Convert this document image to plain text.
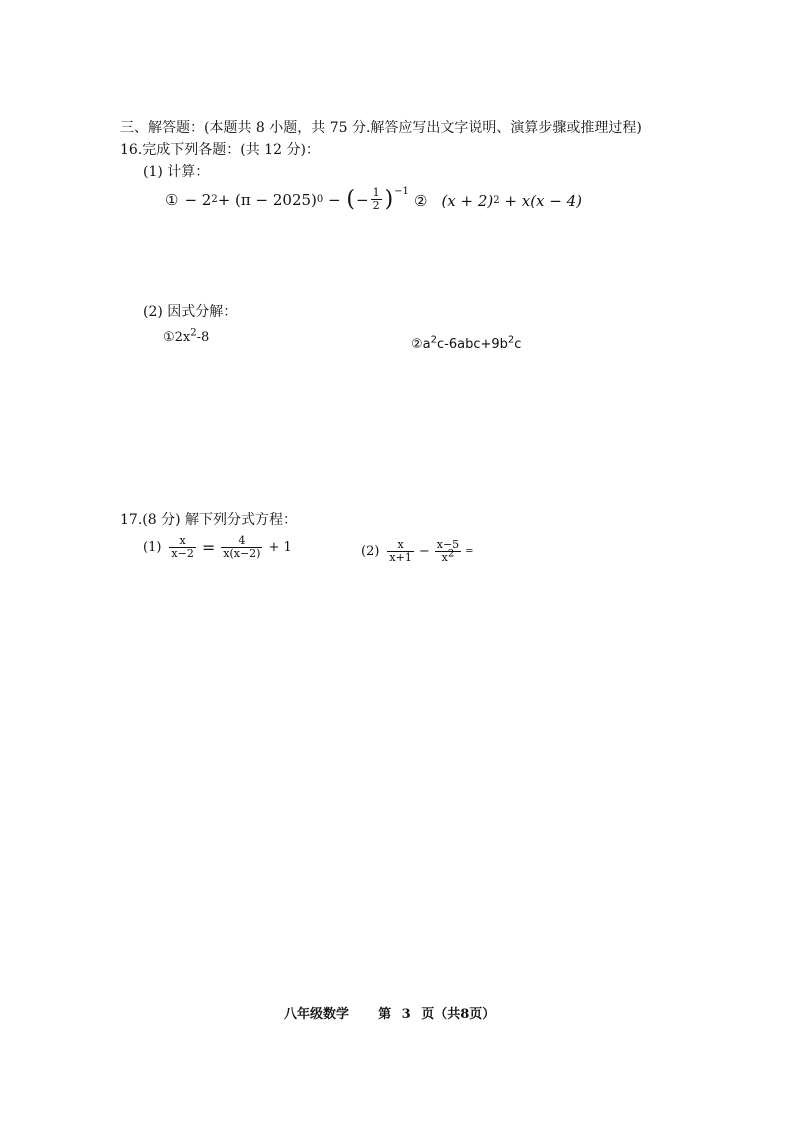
三、解答题：(本题共 8 小题，共 75 分.解答应写出文字说明、演算步骤或推理过程)
16.完成下列各题：(共 12 分)：
(1) 计算：
① − 2 2 + (π − 2025) 0 − ( − $\frac{1}{2} )^{-1}$
② (x + 2) 2 + x(x − 4)
(2) 因式分解：
$①2x^2-8$	$②a^2c-6abc+9b^2c$
17.(8 分) 解下列分式方程：
$(1) \frac{x}{x-2} = \frac{4}{x(x-2)} + 1$	$(2) \frac{x}{x+1} - \frac{x-5}{x^2}$ =
八年级数学 第 3 页（共8页）
